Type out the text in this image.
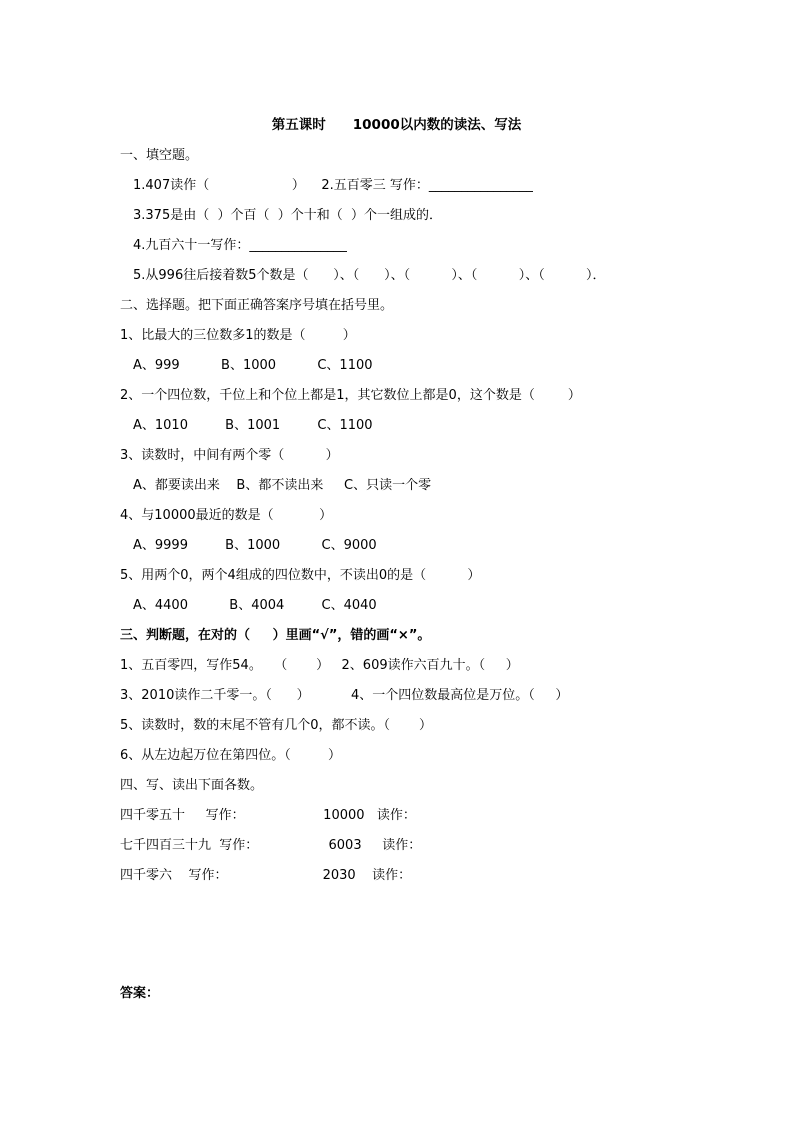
第五课时　　10000以内数的读法、写法
一、填空题。
1.407读作（                    ）    2.五百零三 写作：________________
3.375是由（  ）个百（  ）个十和（  ）个一组成的．
4.九百六十一写作：_______________
5.从996往后接着数5个数是（      ）、（      ）、（          ）、（          ）、（          ）．
二、选择题。把下面正确答案序号填在括号里。
1、比最大的三位数多1的数是（         ）
A、999          B、1000          C、1100
2、一个四位数，千位上和个位上都是1，其它数位上都是0，这个数是（        ）
A、1010         B、1001         C、1100
3、读数时，中间有两个零（          ）
A、都要读出来    B、都不读出来     C、只读一个零
4、与10000最近的数是（           ）
A、9999         B、1000          C、9000
5、用两个0，两个4组成的四位数中，不读出0的是（          ）
A、4400          B、4004         C、4040
三、判断题，在对的（     ）里画“√”，错的画“×”。
1、五百零四，写作54。   （       ）   2、609读作六百九十。（     ）
3、2010读作二千零一。（      ）          4、一个四位数最高位是万位。（     ）
5、读数时，数的末尾不管有几个0，都不读。（       ）
6、从左边起万位在第四位。（         ）
四、写、读出下面各数。
四千零五十     写作：                   10000   读作：
七千四百三十九  写作：                 6003     读作：
四千零六    写作：                       2030    读作：
答案：
